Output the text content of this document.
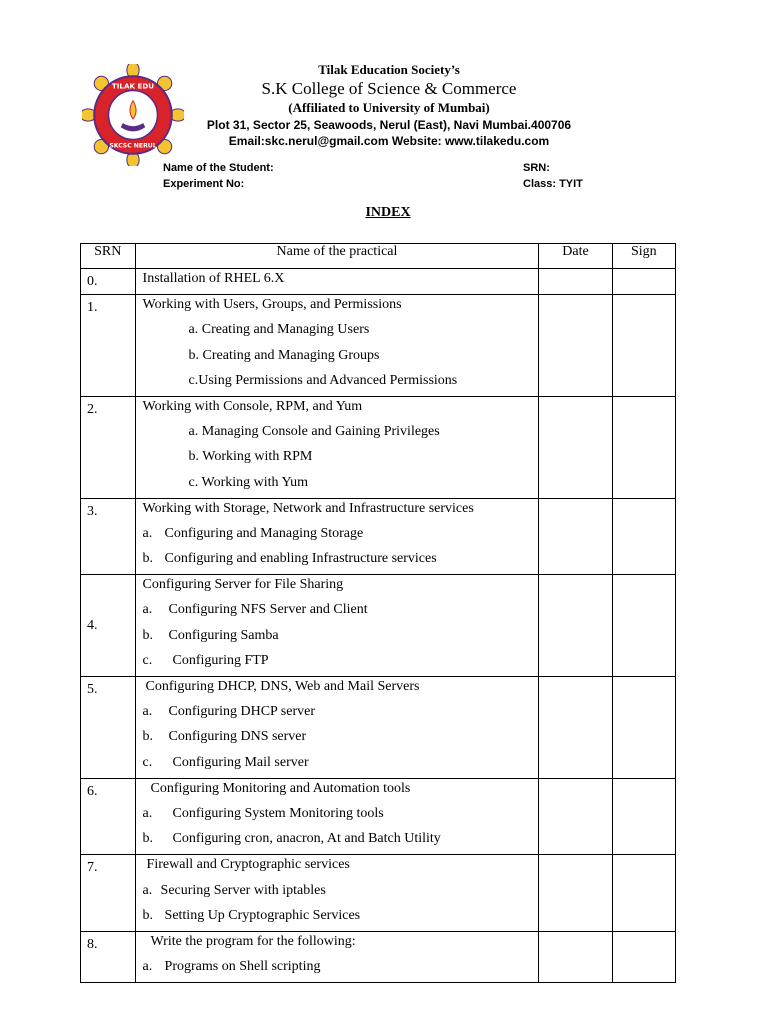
TILAK EDU
SKCSC NERUL
Tilak Education Society’s
S.K College of Science & Commerce
(Affiliated to University of Mumbai)
Plot 31, Sector 25, Seawoods, Nerul (East), Navi Mumbai.400706
Email:skc.nerul@gmail.com Website: www.tilakedu.com
Name of the Student:	SRN:
Experiment No:	Class: TYIT
INDEX
SRN	Name of the practical	Date	Sign
0.	Installation of RHEL 6.X		

1.	Working with Users, Groups, and Permissions
a. Creating and Managing Users
b. Creating and Managing Groups
c.Using Permissions and Advanced Permissions		

2.	Working with Console, RPM, and Yum
a. Managing Console and Gaining Privileges
b. Working with RPM
c. Working with Yum		

3.	Working with Storage, Network and Infrastructure services
a. Configuring and Managing Storage
b. Configuring and enabling Infrastructure services		

4.	Configuring Server for File Sharing
a. Configuring NFS Server and Client
b. Configuring Samba
c. Configuring FTP		

5.	Configuring DHCP, DNS, Web and Mail Servers
a. Configuring DHCP server
b. Configuring DNS server
c. Configuring Mail server		

6.	Configuring Monitoring and Automation tools
a. Configuring System Monitoring tools
b. Configuring cron, anacron, At and Batch Utility		

7.	Firewall and Cryptographic services
a. Securing Server with iptables
b. Setting Up Cryptographic Services		

8.	Write the program for the following:
a. Programs on Shell scripting		
